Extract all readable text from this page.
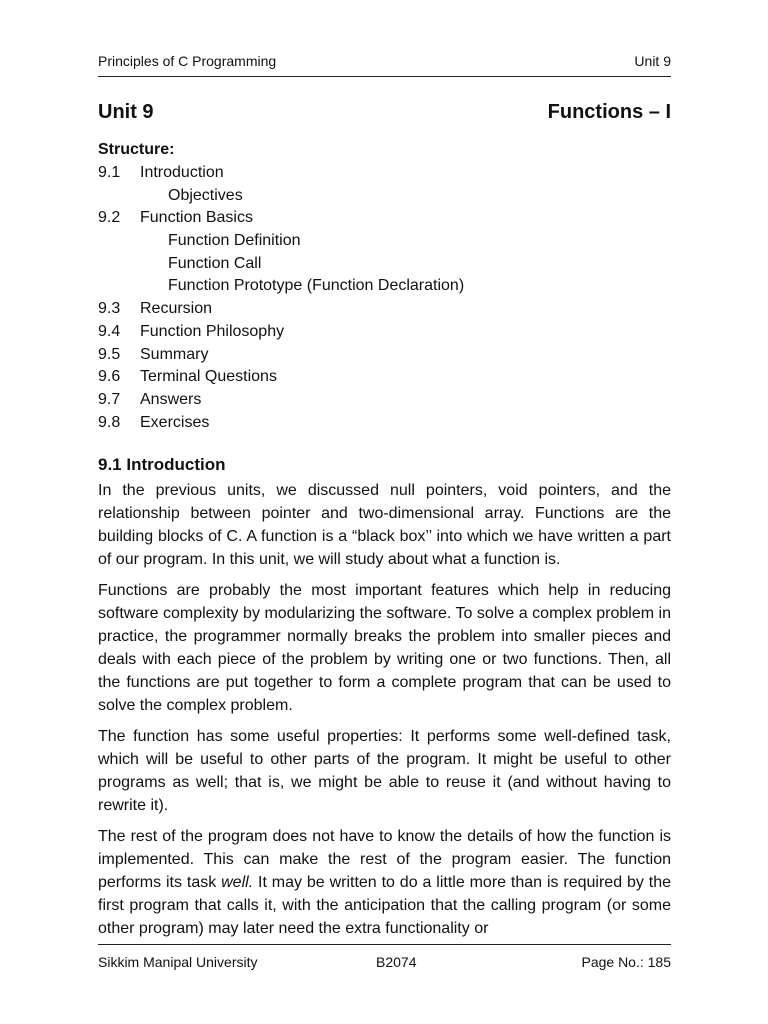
Principles of C Programming	Unit 9
Unit 9	Functions – I
Structure:
9.1 Introduction
Objectives
9.2 Function Basics
Function Definition
Function Call
Function Prototype (Function Declaration)
9.3 Recursion
9.4 Function Philosophy
9.5 Summary
9.6 Terminal Questions
9.7 Answers
9.8 Exercises
9.1 Introduction

In the previous units, we discussed null pointers, void pointers, and the relationship between pointer and two-dimensional array. Functions are the building blocks of C. A function is a “black box’’ into which we have written a part of our program. In this unit, we will study about what a function is.

Functions are probably the most important features which help in reducing software complexity by modularizing the software. To solve a complex problem in practice, the programmer normally breaks the problem into smaller pieces and deals with each piece of the problem by writing one or two functions. Then, all the functions are put together to form a complete program that can be used to solve the complex problem.

The function has some useful properties: It performs some well-defined task, which will be useful to other parts of the program. It might be useful to other programs as well; that is, we might be able to reuse it (and without having to rewrite it).

The rest of the program does not have to know the details of how the function is implemented. This can make the rest of the program easier. The function performs its task well. It may be written to do a little more than is required by the first program that calls it, with the anticipation that the calling program (or some other program) may later need the extra functionality or

Sikkim Manipal University	B2074	Page No.: 185
